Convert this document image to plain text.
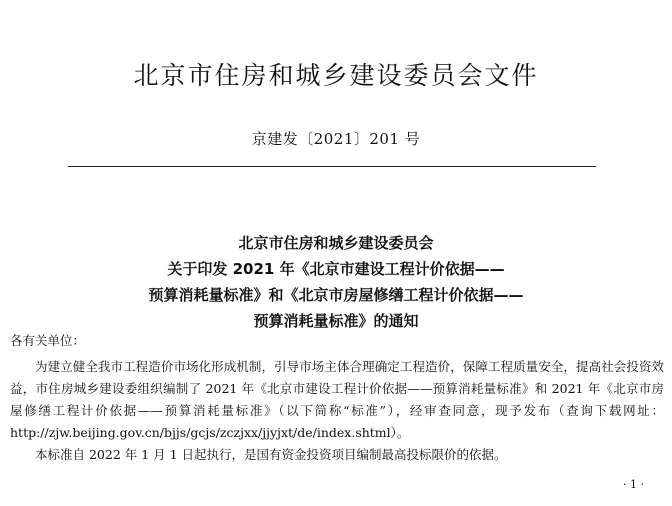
北京市住房和城乡建设委员会文件
京建发〔2021〕201 号
北京市住房和城乡建设委员会
关于印发 2021 年《北京市建设工程计价依据——
预算消耗量标准》和《北京市房屋修缮工程计价依据——
预算消耗量标准》的通知
各有关单位：

为建立健全我市工程造价市场化形成机制，引导市场主体合理确定工程造价，保障工程质量安全，提高社会投资效益，市住房城乡建设委组织编制了 2021 年《北京市建设工程计价依据——预算消耗量标准》和 2021 年《北京市房屋修缮工程计价依据——预算消耗量标准》（以下简称“标准”），经审查同意，现予发布（查询下载网址：http://zjw.beijing.gov.cn/bjjs/gcjs/zczjxx/jjyjxt/de/index.shtml）。

本标准自 2022 年 1 月 1 日起执行，是国有资金投资项目编制最高投标限价的依据。

· 1 ·
